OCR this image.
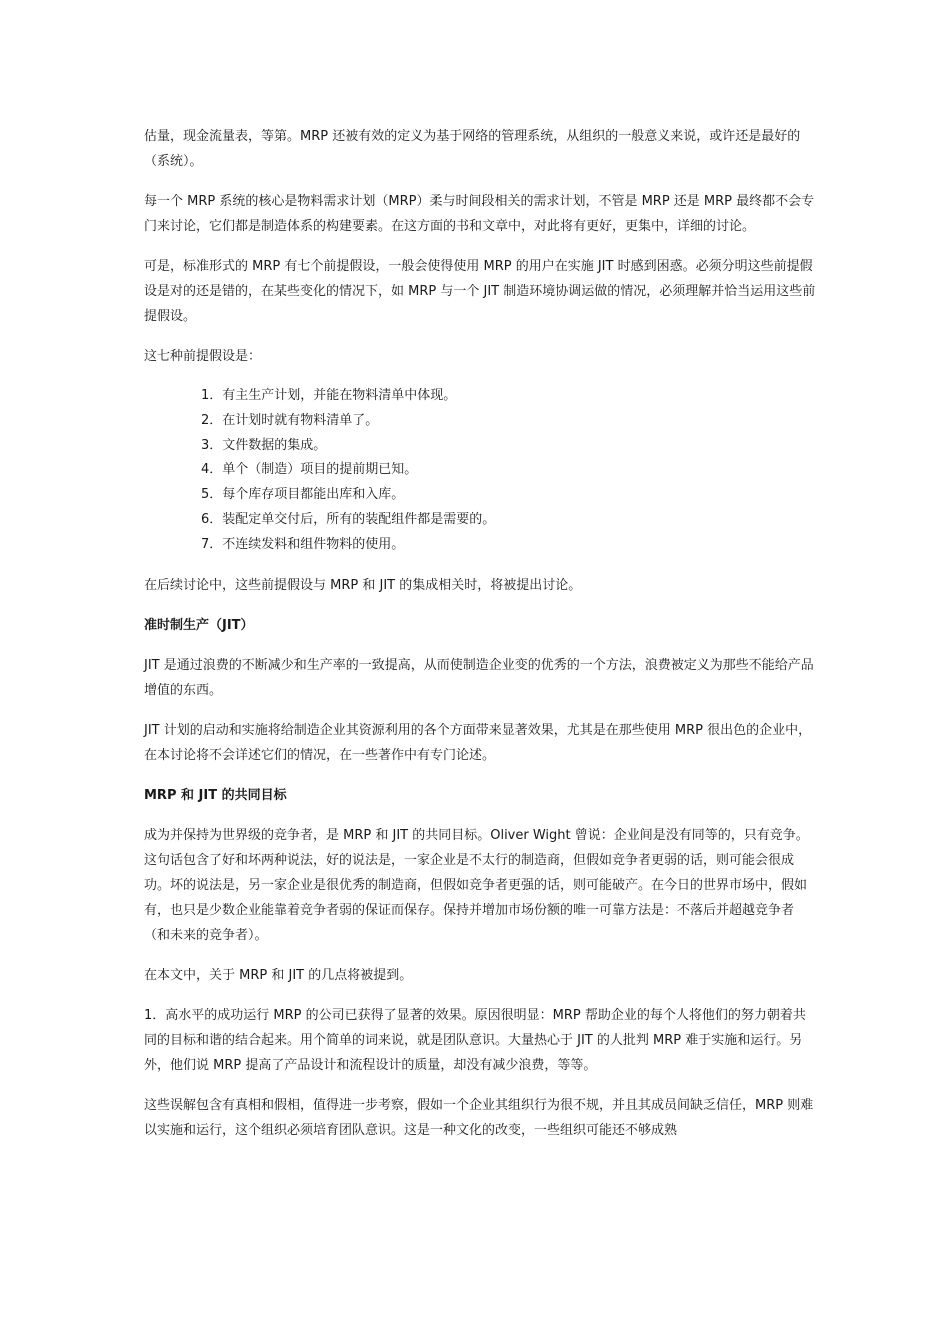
估量，现金流量表，等第。MRP 还被有效的定义为基于网络的管理系统，从组织的一般意义来说，或许还是最好的（系统）。

每一个 MRP 系统的核心是物料需求计划（MRP）柔与时间段相关的需求计划，不管是 MRP 还是 MRP 最终都不会专门来讨论，它们都是制造体系的构建要素。在这方面的书和文章中，对此将有更好，更集中，详细的讨论。

可是，标准形式的 MRP 有七个前提假设，一般会使得使用 MRP 的用户在实施 JIT 时感到困惑。必须分明这些前提假设是对的还是错的，在某些变化的情况下，如 MRP 与一个 JIT 制造环境协调运做的情况，必须理解并恰当运用这些前提假设。

这七种前提假设是：

1．有主生产计划，并能在物料清单中体现。
2．在计划时就有物料清单了。
3．文件数据的集成。
4．单个（制造）项目的提前期已知。
5．每个库存项目都能出库和入库。
6．装配定单交付后，所有的装配组件都是需要的。
7．不连续发料和组件物料的使用。

在后续讨论中，这些前提假设与 MRP 和 JIT 的集成相关时，将被提出讨论。

准时制生产（JIT）

JIT 是通过浪费的不断减少和生产率的一致提高，从而使制造企业变的优秀的一个方法，浪费被定义为那些不能给产品增值的东西。

JIT 计划的启动和实施将给制造企业其资源利用的各个方面带来显著效果，尤其是在那些使用 MRP 很出色的企业中，在本讨论将不会详述它们的情况，在一些著作中有专门论述。

MRP 和 JIT 的共同目标

成为并保持为世界级的竞争者，是 MRP 和 JIT 的共同目标。Oliver Wight 曾说：企业间是没有同等的，只有竞争。这句话包含了好和坏两种说法，好的说法是，一家企业是不太行的制造商，但假如竞争者更弱的话，则可能会很成功。坏的说法是，另一家企业是很优秀的制造商，但假如竞争者更强的话，则可能破产。在今日的世界市场中，假如有，也只是少数企业能靠着竞争者弱的保证而保存。保持并增加市场份额的唯一可靠方法是：不落后并超越竞争者（和未来的竞争者）。

在本文中，关于 MRP 和 JIT 的几点将被提到。

1．高水平的成功运行 MRP 的公司已获得了显著的效果。原因很明显：MRP 帮助企业的每个人将他们的努力朝着共同的目标和谐的结合起来。用个简单的词来说，就是团队意识。大量热心于 JIT 的人批判 MRP 难于实施和运行。另外，他们说 MRP 提高了产品设计和流程设计的质量，却没有减少浪费，等等。

这些误解包含有真相和假相，值得进一步考察，假如一个企业其组织行为很不规，并且其成员间缺乏信任，MRP 则难以实施和运行，这个组织必须培育团队意识。这是一种文化的改变，一些组织可能还不够成熟
